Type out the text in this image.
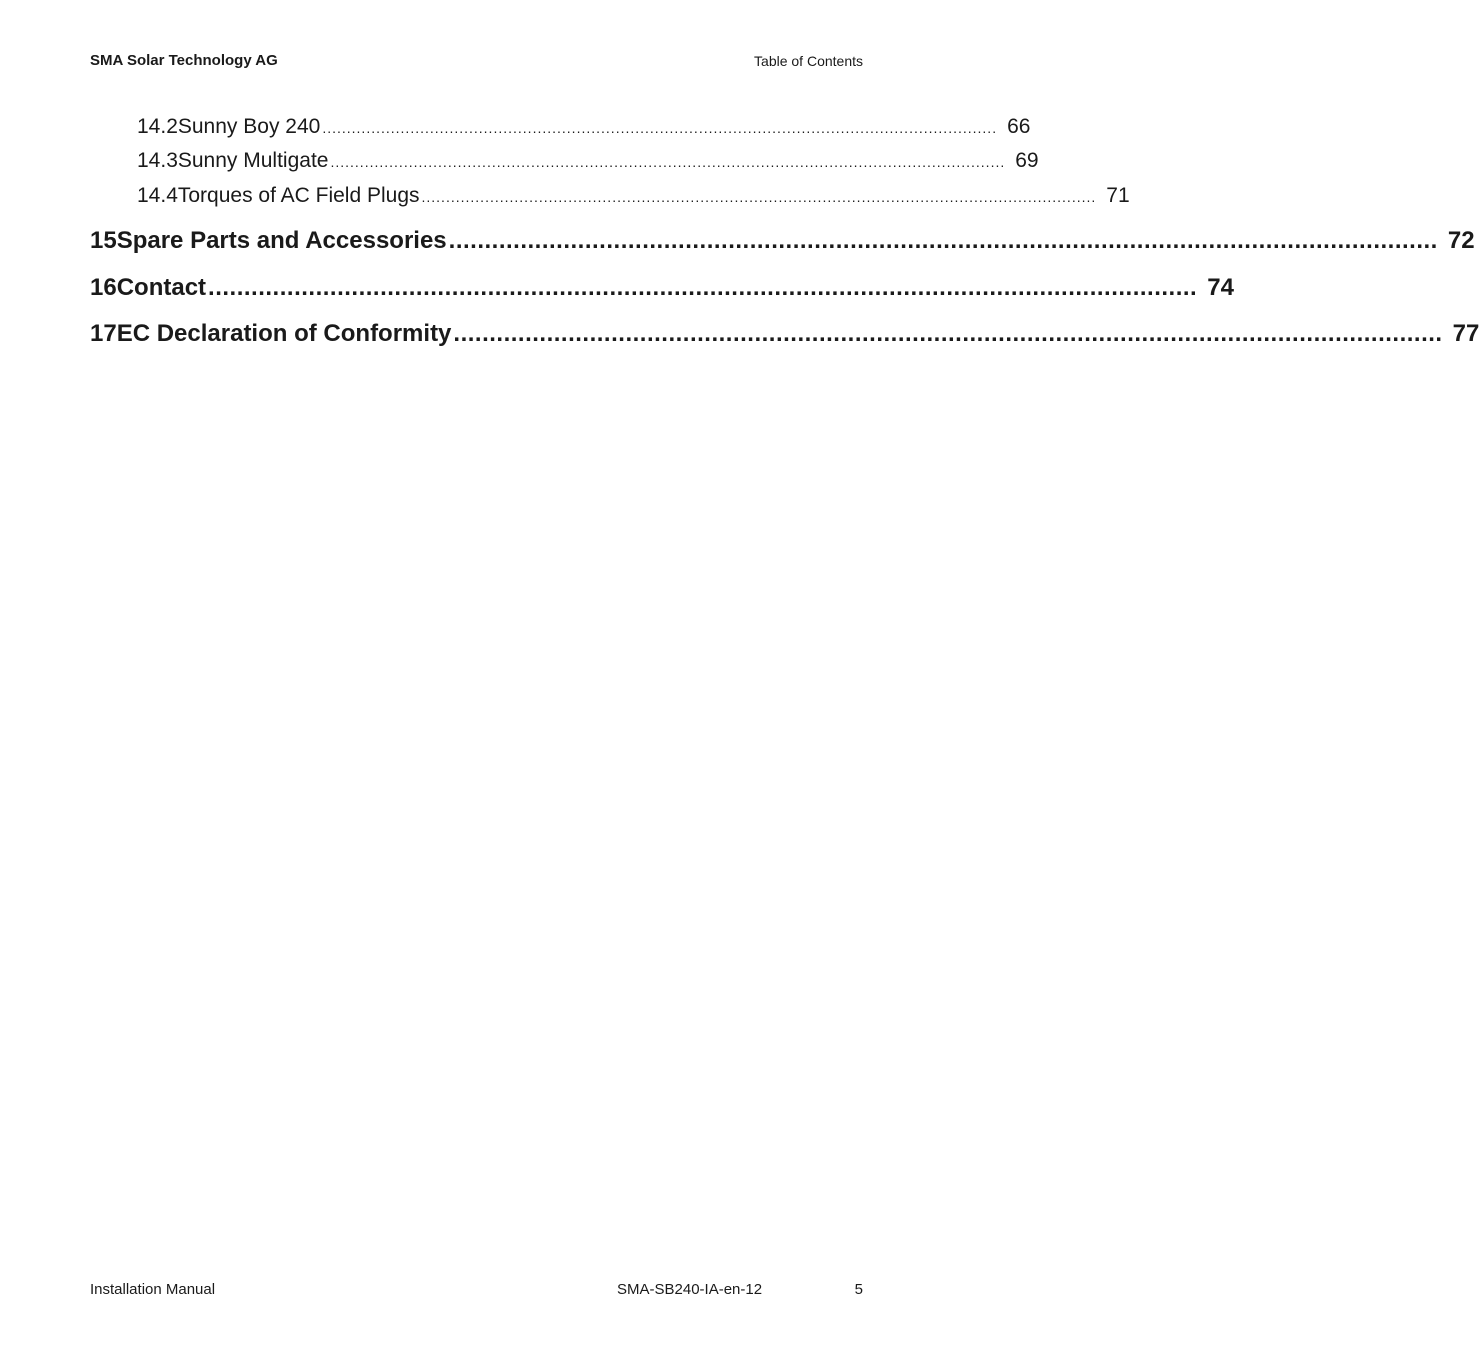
SMA Solar Technology AG	Table of Contents
14.2 Sunny Boy 240 .......................................................................................................................................... 66
14.3 Sunny Multigate .......................................................................................................................................... 69
14.4 Torques of AC Field Plugs .......................................................................................................................................... 71
15 Spare Parts and Accessories .......................................................................................................................................... 72
16 Contact .......................................................................................................................................... 74
17 EC Declaration of Conformity .......................................................................................................................................... 77
Installation Manual	SMA-SB240-IA-en-12	5
